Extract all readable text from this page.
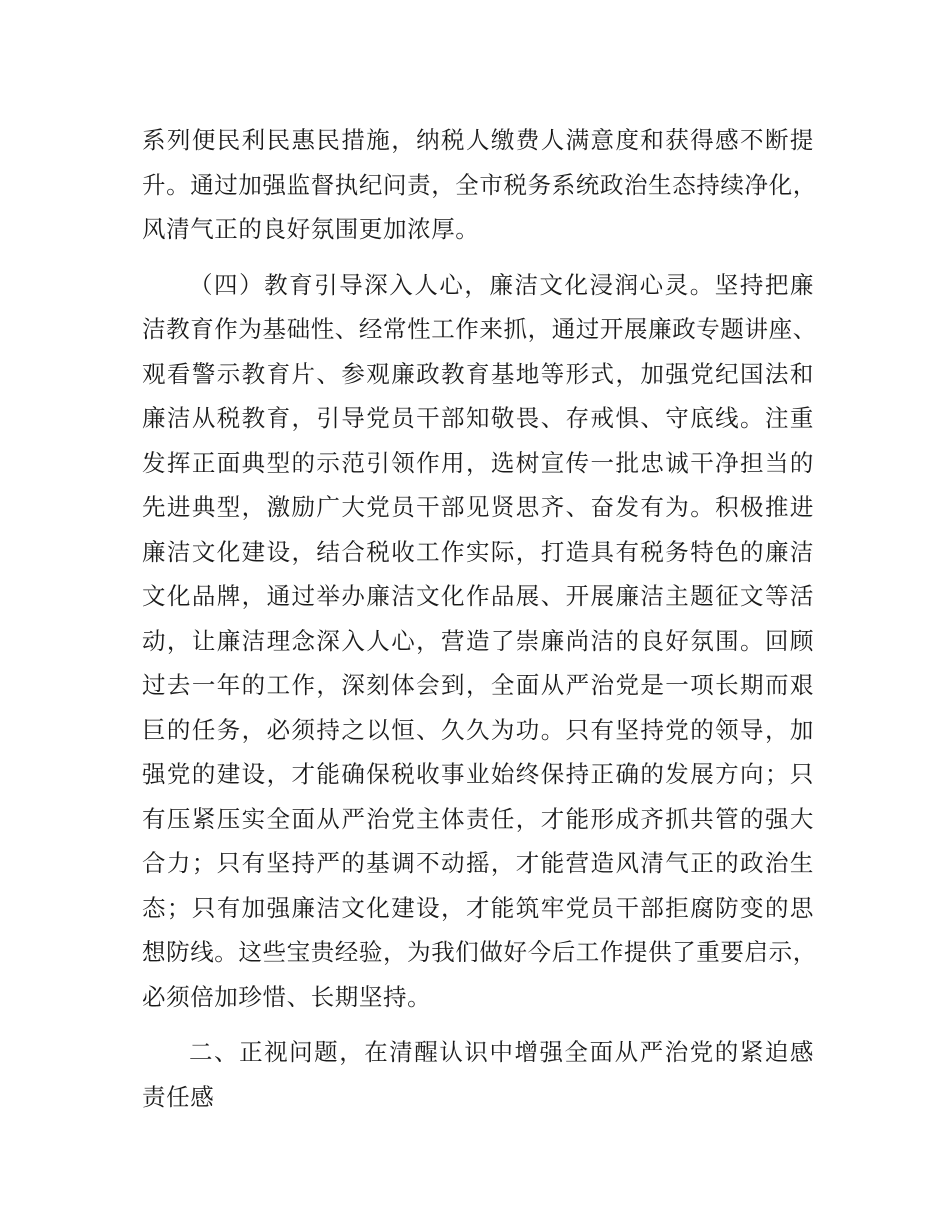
系列便民利民惠民措施，纳税人缴费人满意度和获得感不断提
升。通过加强监督执纪问责，全市税务系统政治生态持续净化，
风清气正的良好氛围更加浓厚。
（四）教育引导深入人心，廉洁文化浸润心灵。坚持把廉
洁教育作为基础性、经常性工作来抓，通过开展廉政专题讲座、
观看警示教育片、参观廉政教育基地等形式，加强党纪国法和
廉洁从税教育，引导党员干部知敬畏、存戒惧、守底线。注重
发挥正面典型的示范引领作用，选树宣传一批忠诚干净担当的
先进典型，激励广大党员干部见贤思齐、奋发有为。积极推进
廉洁文化建设，结合税收工作实际，打造具有税务特色的廉洁
文化品牌，通过举办廉洁文化作品展、开展廉洁主题征文等活
动，让廉洁理念深入人心，营造了崇廉尚洁的良好氛围。回顾
过去一年的工作，深刻体会到，全面从严治党是一项长期而艰
巨的任务，必须持之以恒、久久为功。只有坚持党的领导，加
强党的建设，才能确保税收事业始终保持正确的发展方向；只
有压紧压实全面从严治党主体责任，才能形成齐抓共管的强大
合力；只有坚持严的基调不动摇，才能营造风清气正的政治生
态；只有加强廉洁文化建设，才能筑牢党员干部拒腐防变的思
想防线。这些宝贵经验，为我们做好今后工作提供了重要启示，
必须倍加珍惜、长期坚持。
二、正视问题，在清醒认识中增强全面从严治党的紧迫感
责任感
